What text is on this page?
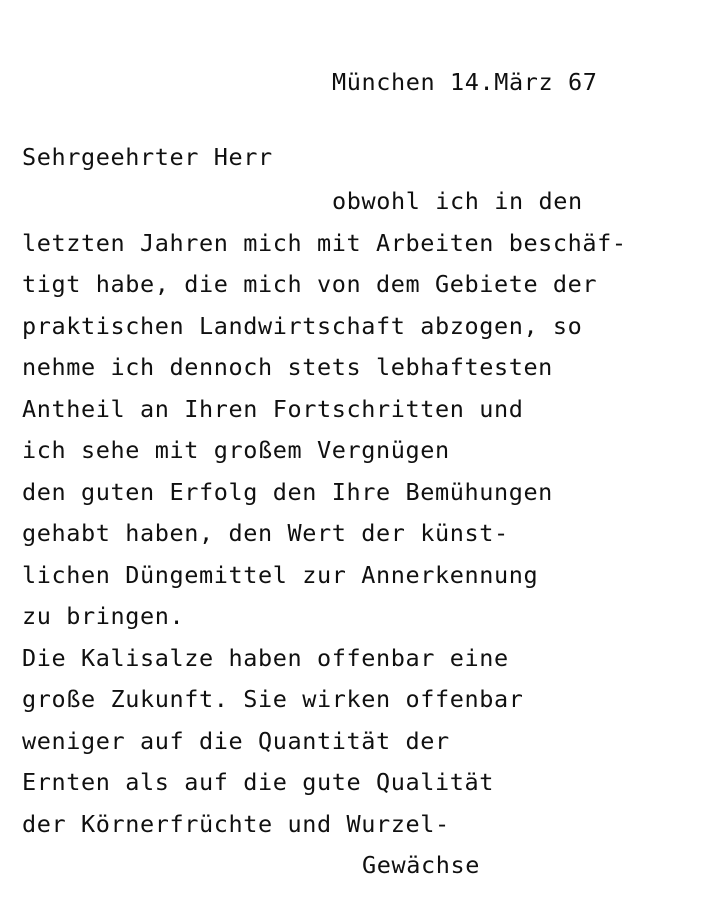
München 14.März 67
Sehrgeehrter Herr
obwohl ich in den
letzten Jahren mich mit Arbeiten beschäf-
tigt habe, die mich von dem Gebiete der
praktischen Landwirtschaft abzogen, so
nehme ich dennoch stets lebhaftesten
Antheil an Ihren Fortschritten und
ich sehe mit großem Vergnügen
den guten Erfolg den Ihre Bemühungen
gehabt haben, den Wert der künst-
lichen Düngemittel zur Annerkennung
zu bringen.
Die Kalisalze haben offenbar eine
große Zukunft. Sie wirken offenbar
weniger auf die Quantität der
Ernten als auf die gute Qualität
der Körnerfrüchte und Wurzel-
Gewächse
